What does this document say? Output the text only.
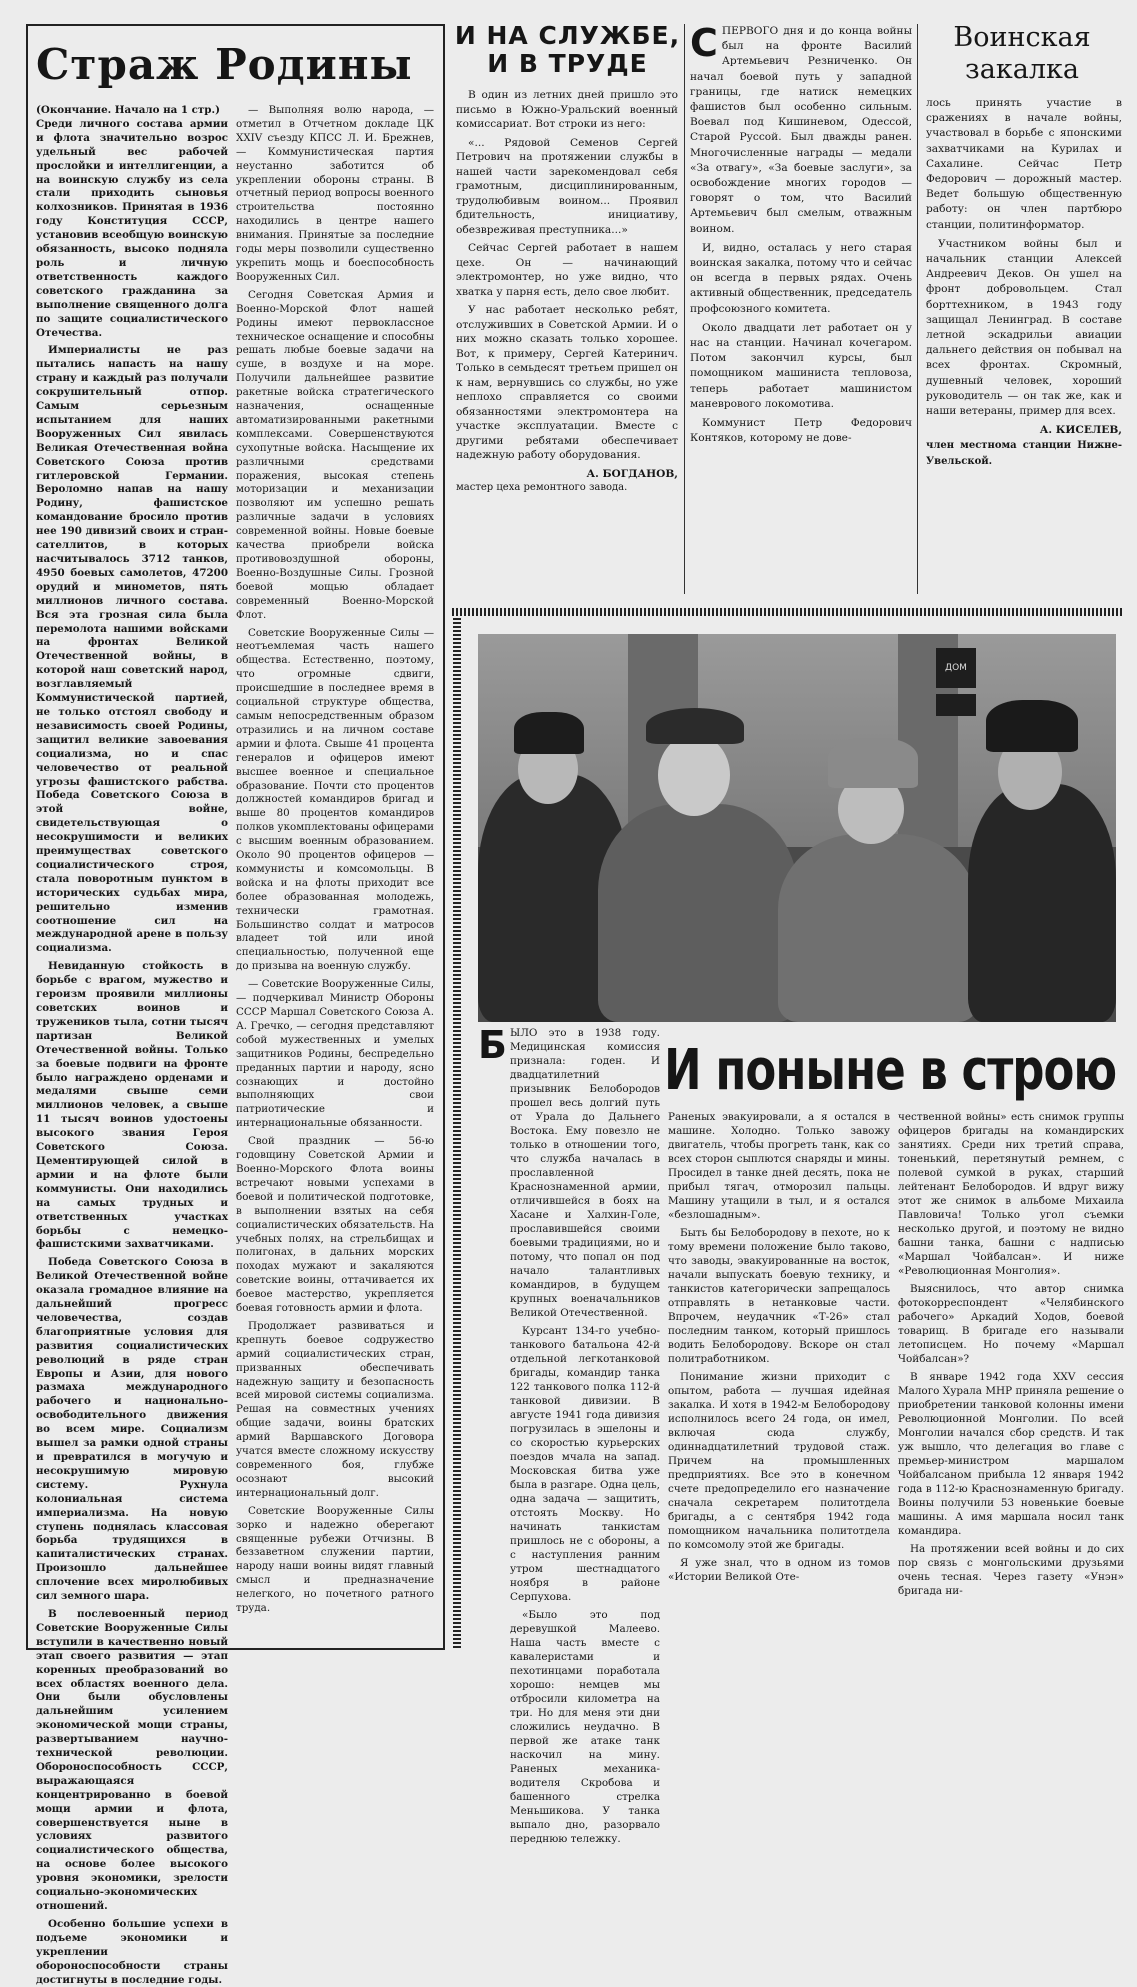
Страж Родины

(Окончание. Начало на 1 стр.)

Среди личного состава армии и флота значительно возрос удельный вес рабочей прослойки и интеллигенции, а на воинскую службу из села стали приходить сыновья колхозников. Принятая в 1936 году Конституция СССР, установив всеобщую воинскую обязанность, высоко подняла роль и личную ответственность каждого советского гражданина за выполнение священного долга по защите социалистического Отечества.

Империалисты не раз пытались напасть на нашу страну и каждый раз получали сокрушительный отпор. Самым серьезным испытанием для наших Вооруженных Сил явилась Великая Отечественная война Советского Союза против гитлеровской Германии. Вероломно напав на нашу Родину, фашистское командование бросило против нее 190 дивизий своих и стран-сателлитов, в которых насчитывалось 3712 танков, 4950 боевых самолетов, 47200 орудий и минометов, пять миллионов личного состава. Вся эта грозная сила была перемолота нашими войсками на фронтах Великой Отечественной войны, в которой наш советский народ, возглавляемый Коммунистической партией, не только отстоял свободу и независимость своей Родины, защитил великие завоевания социализма, но и спас человечество от реальной угрозы фашистского рабства. Победа Советского Союза в этой войне, свидетельствующая о несокрушимости и великих преимуществах советского социалистического строя, стала поворотным пунктом в исторических судьбах мира, решительно изменив соотношение сил на международной арене в пользу социализма.

Невиданную стойкость в борьбе с врагом, мужество и героизм проявили миллионы советских воинов и тружеников тыла, сотни тысяч партизан Великой Отечественной войны. Только за боевые подвиги на фронте было награждено орденами и медалями свыше семи миллионов человек, а свыше 11 тысяч воинов удостоены высокого звания Героя Советского Союза. Цементирующей силой в армии и на флоте были коммунисты. Они находились на самых трудных и ответственных участках борьбы с немецко-фашистскими захватчиками.

Победа Советского Союза в Великой Отечественной войне оказала громадное влияние на дальнейший прогресс человечества, создав благоприятные условия для развития социалистических революций в ряде стран Европы и Азии, для нового размаха международного рабочего и национально-освободительного движения во всем мире. Социализм вышел за рамки одной страны и превратился в могучую и несокрушимую мировую систему. Рухнула колониальная система империализма. На новую ступень поднялась классовая борьба трудящихся в капиталистических странах. Произошло дальнейшее сплочение всех миролюбивых сил земного шара.

В послевоенный период Советские Вооруженные Силы вступили в качественно новый этап своего развития — этап коренных преобразований во всех областях военного дела. Они были обусловлены дальнейшим усилением экономической мощи страны, развертыванием научно-технической революции. Обороноспособность СССР, выражающаяся концентрированно в боевой мощи армии и флота, совершенствуется ныне в условиях развитого социалистического общества, на основе более высокого уровня экономики, зрелости социально-экономических отношений.

Особенно большие успехи в подъеме экономики и укреплении обороноспособности страны достигнуты в последние годы.

— Выполняя волю народа, — отметил в Отчетном докладе ЦК XXIV съезду КПСС Л. И. Брежнев, — Коммунистическая партия неустанно заботится об укреплении обороны страны. В отчетный период вопросы военного строительства постоянно находились в центре нашего внимания. Принятые за последние годы меры позволили существенно укрепить мощь и боеспособность Вооруженных Сил.

Сегодня Советская Армия и Военно-Морской Флот нашей Родины имеют первоклассное техническое оснащение и способны решать любые боевые задачи на суше, в воздухе и на море. Получили дальнейшее развитие ракетные войска стратегического назначения, оснащенные автоматизированными ракетными комплексами. Совершенствуются сухопутные войска. Насыщение их различными средствами поражения, высокая степень моторизации и механизации позволяют им успешно решать различные задачи в условиях современной войны. Новые боевые качества приобрели войска противовоздушной обороны, Военно-Воздушные Силы. Грозной боевой мощью обладает современный Военно-Морской Флот.

Советские Вооруженные Силы — неотъемлемая часть нашего общества. Естественно, поэтому, что огромные сдвиги, происшедшие в последнее время в социальной структуре общества, самым непосредственным образом отразились и на личном составе армии и флота. Свыше 41 процента генералов и офицеров имеют высшее военное и специальное образование. Почти сто процентов должностей командиров бригад и выше 80 процентов командиров полков укомплектованы офицерами с высшим военным образованием. Около 90 процентов офицеров — коммунисты и комсомольцы. В войска и на флоты приходит все более образованная молодежь, технически грамотная. Большинство солдат и матросов владеет той или иной специальностью, полученной еще до призыва на военную службу.

— Советские Вооруженные Силы, — подчеркивал Министр Обороны СССР Маршал Советского Союза А. А. Гречко, — сегодня представляют собой мужественных и умелых защитников Родины, беспредельно преданных партии и народу, ясно сознающих и достойно выполняющих свои патриотические и интернациональные обязанности.

Свой праздник — 56-ю годовщину Советской Армии и Военно-Морского Флота воины встречают новыми успехами в боевой и политической подготовке, в выполнении взятых на себя социалистических обязательств. На учебных полях, на стрельбищах и полигонах, в дальних морских походах мужают и закаляются советские воины, оттачивается их боевое мастерство, укрепляется боевая готовность армии и флота.

Продолжает развиваться и крепнуть боевое содружество армий социалистических стран, призванных обеспечивать надежную защиту и безопасность всей мировой системы социализма. Решая на совместных учениях общие задачи, воины братских армий Варшавского Договора учатся вместе сложному искусству современного боя, глубже осознают высокий интернациональный долг.

Советские Вооруженные Силы зорко и надежно оберегают священные рубежи Отчизны. В беззаветном служении партии, народу наши воины видят главный смысл и предназначение нелегкого, но почетного ратного труда.

И НА СЛУЖБЕ,
И В ТРУДЕ

В один из летних дней пришло это письмо в Южно-Уральский военный комиссариат. Вот строки из него:

«... Рядовой Семенов Сергей Петрович на протяжении службы в нашей части зарекомендовал себя грамотным, дисциплинированным, трудолюбивым воином... Проявил бдительность, инициативу, обезвреживая преступника...»

Сейчас Сергей работает в нашем цехе. Он — начинающий электромонтер, но уже видно, что хватка у парня есть, дело свое любит.

У нас работает несколько ребят, отслуживших в Советской Армии. И о них можно сказать только хорошее. Вот, к примеру, Сергей Катеринич. Только в семьдесят третьем пришел он к нам, вернувшись со службы, но уже неплохо справляется со своими обязанностями электромонтера на участке эксплуатации. Вместе с другими ребятами обеспечивает надежную работу оборудования.

А. БОГДАНОВ,
мастер цеха ремонтного завода.
С ПЕРВОГО дня и до конца войны был на фронте Василий Артемьевич Резниченко. Он начал боевой путь у западной границы, где натиск немецких фашистов был особенно сильным. Воевал под Кишиневом, Одессой, Старой Руссой. Был дважды ранен. Многочисленные награды — медали «За отвагу», «За боевые заслуги», за освобождение многих городов — говорят о том, что Василий Артемьевич был смелым, отважным воином.

И, видно, осталась у него старая воинская закалка, потому что и сейчас он всегда в первых рядах. Очень активный общественник, председатель профсоюзного комитета.

Около двадцати лет работает он у нас на станции. Начинал кочегаром. Потом закончил курсы, был помощником машиниста тепловоза, теперь работает машинистом маневрового локомотива.

Коммунист Петр Федорович Контяков, которому не дове-

Воинская
закалка

лось принять участие в сражениях в начале войны, участвовал в борьбе с японскими захватчиками на Курилах и Сахалине. Сейчас Петр Федорович — дорожный мастер. Ведет большую общественную работу: он член партбюро станции, политинформатор.

Участником войны был и начальник станции Алексей Андреевич Деков. Он ушел на фронт добровольцем. Стал борттехником, в 1943 году защищал Ленинград. В составе летной эскадрильи авиации дальнего действия он побывал на всех фронтах. Скромный, душевный человек, хороший руководитель — он так же, как и наши ветераны, пример для всех.

А. КИСЕЛЕВ,
член местнома станции Нижне-Увельской.
ДОМ
Б	И поныне в строю

ЫЛО это в 1938 году. Медицинская комиссия признала: годен. И двадцатилетний призывник Белобородов прошел весь долгий путь от Урала до Дальнего Востока. Ему повезло не только в отношении того, что служба началась в прославленной Краснознаменной армии, отличившейся в боях на Хасане и Халхин-Голе, прославившейся своими боевыми традициями, но и потому, что попал он под начало талантливых командиров, в будущем крупных военачальников Великой Отечественной.

Курсант 134-го учебно-танкового батальона 42-й отдельной легкотанковой бригады, командир танка 122 танкового полка 112-й танковой дивизии. В августе 1941 года дивизия погрузилась в эшелоны и со скоростью курьерских поездов мчала на запад. Московская битва уже была в разгаре. Одна цель, одна задача — защитить, отстоять Москву. Но начинать танкистам пришлось не с обороны, а с наступления ранним утром шестнадцатого ноября в районе Серпухова.

«Было это под деревушкой Малеево. Наша часть вместе с кавалеристами и пехотинцами поработала хорошо: немцев мы отбросили километра на три. Но для меня эти дни сложились неудачно. В первой же атаке танк наскочил на мину. Раненых механика-водителя Скробова и башенного стрелка Меньшикова. У танка выпало дно, разорвало переднюю тележку.

Раненых эвакуировали, а я остался в машине. Холодно. Только завожу двигатель, чтобы прогреть танк, как со всех сторон сыплются снаряды и мины. Просидел в танке дней десять, пока не прибыл тягач, отморозил пальцы. Машину утащили в тыл, и я остался «безлошадным».

Быть бы Белобородову в пехоте, но к тому времени положение было таково, что заводы, эвакуированные на восток, начали выпускать боевую технику, и танкистов категорически запрещалось отправлять в нетанковые части. Впрочем, неудачник «Т-26» стал последним танком, который пришлось водить Белобородову. Вскоре он стал политработником.

Понимание жизни приходит с опытом, работа — лучшая идейная закалка. И хотя в 1942-м Белобородову исполнилось всего 24 года, он имел, включая сюда службу, одиннадцатилетний трудовой стаж. Причем на промышленных предприятиях. Все это в конечном счете предопределило его назначение сначала секретарем политотдела бригады, а с сентября 1942 года помощником начальника политотдела по комсомолу этой же бригады.

Я уже знал, что в одном из томов «Истории Великой Оте-

чественной войны» есть снимок группы офицеров бригады на командирских занятиях. Среди них третий справа, тоненький, перетянутый ремнем, с полевой сумкой в руках, старший лейтенант Белобородов. И вдруг вижу этот же снимок в альбоме Михаила Павловича! Только угол съемки несколько другой, и поэтому не видно башни танка, башни с надписью «Маршал Чойбалсан». И ниже «Революционная Монголия».

Выяснилось, что автор снимка фотокорреспондент «Челябинского рабочего» Аркадий Ходов, боевой товарищ. В бригаде его называли летописцем. Но почему «Маршал Чойбалсан»?

В январе 1942 года XXV сессия Малого Хурала МНР приняла решение о приобретении танковой колонны имени Революционной Монголии. По всей Монголии начался сбор средств. И так уж вышло, что делегация во главе с премьер-министром маршалом Чойбалсаном прибыла 12 января 1942 года в 112-ю Краснознаменную бригаду. Воины получили 53 новенькие боевые машины. А имя маршала носил танк командира.

На протяжении всей войны и до сих пор связь с монгольскими друзьями очень тесная. Через газету «Унэн» бригада ни-
